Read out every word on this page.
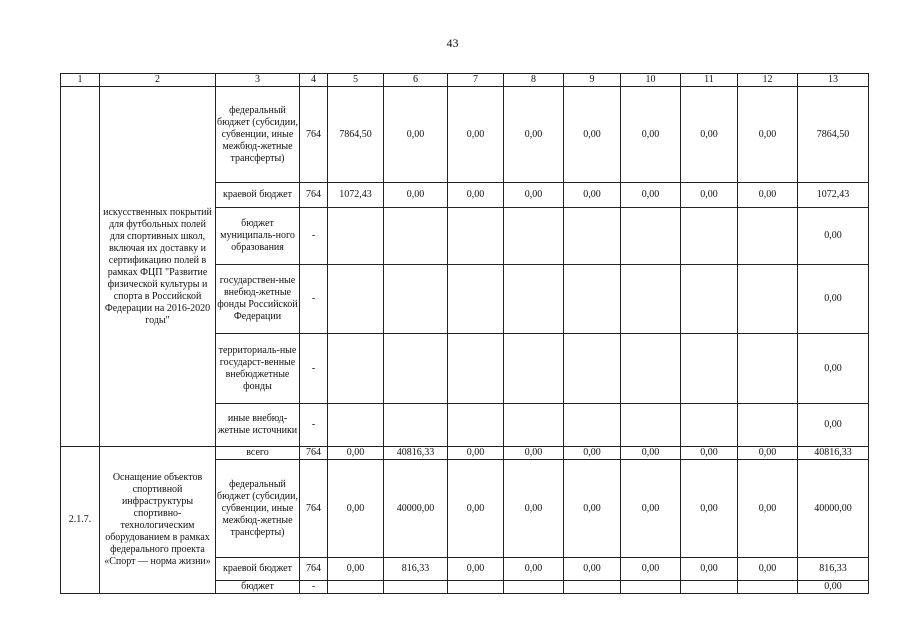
43
1	2	3	4	5	6	7	8	9	10	11	12	13
	искусственных покрытий для футбольных полей для спортивных школ, включая их доставку и сертификацию полей в рамках ФЦП "Развитие физической культуры и спорта в Российской Федерации на 2016-2020 годы"	федеральный бюджет (субсидии, субвенции, иные межбюд-жетные трансферты)	764	7864,50	0,00	0,00	0,00	0,00	0,00	0,00	0,00	7864,50
		краевой бюджет	764	1072,43	0,00	0,00	0,00	0,00	0,00	0,00	0,00	1072,43
		бюджет муниципаль-ного образования	-									0,00
		государствен-ные внебюд-жетные фонды Российской Федерации	-									0,00
		территориаль-ные государст-венные внебюджетные фонды	-									0,00
		иные внебюд-жетные источники	-									0,00
2.1.7.	Оснащение объектов спортивной инфраструктуры спортивно-технологическим оборудованием в рамках федерального проекта «Спорт — норма жизни»	всего	764	0,00	40816,33	0,00	0,00	0,00	0,00	0,00	0,00	40816,33
		федеральный бюджет (субсидии, субвенции, иные межбюд-жетные трансферты)	764	0,00	40000,00	0,00	0,00	0,00	0,00	0,00	0,00	40000,00
		краевой бюджет	764	0,00	816,33	0,00	0,00	0,00	0,00	0,00	0,00	816,33
		бюджет	-									0,00
